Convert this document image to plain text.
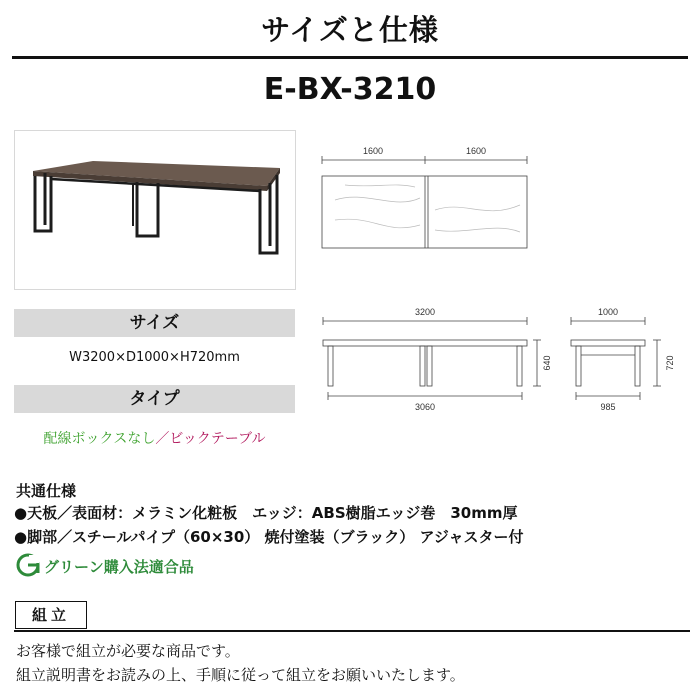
サイズと仕様
E-BX-3210
1600	1600
3200
3060
640
1000
985
720
サイズ
W3200×D1000×H720mm
タイプ
配線ボックスなし／ビックテーブル
共通仕様
●天板／表面材：メラミン化粧板　エッジ：ABS樹脂エッジ巻　30mm厚
●脚部／スチールパイプ（60×30） 焼付塗装（ブラック） アジャスター付
グリーン購入法適合品
組立
お客様で組立が必要な商品です。
組立説明書をお読みの上、手順に従って組立をお願いいたします。
